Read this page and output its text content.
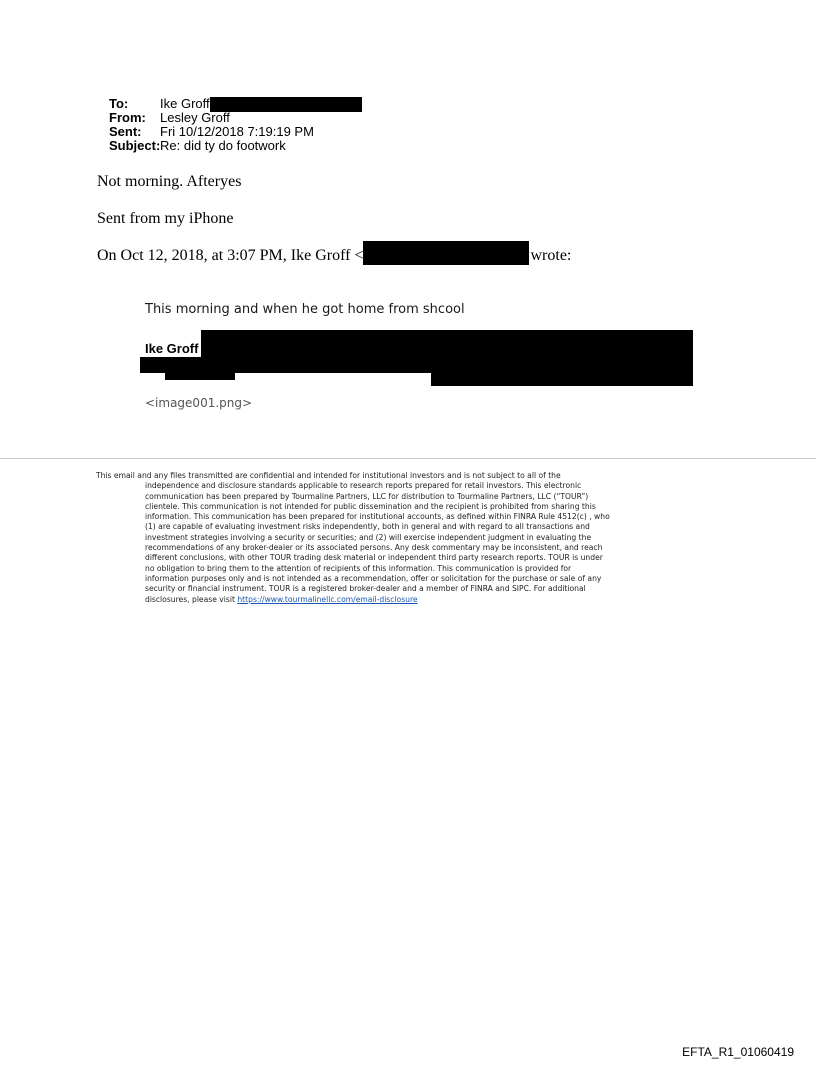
To:	Ike Groff
From:	Lesley Groff
Sent:	Fri 10/12/2018 7:19:19 PM
Subject: Re: did ty do footwork
Not morning. Afteryes
Sent from my iPhone
On Oct 12, 2018, at 3:07 PM, Ike Groff <	wrote:
This morning and when he got home from shcool
Ike Groff
<image001.png>
This email and any files transmitted are confidential and intended for institutional investors and is not subject to all of the
independence and disclosure standards applicable to research reports prepared for retail investors. This electronic
communication has been prepared by Tourmaline Partners, LLC for distribution to Tourmaline Partners, LLC (“TOUR”)
clientele. This communication is not intended for public dissemination and the recipient is prohibited from sharing this
information. This communication has been prepared for institutional accounts, as defined within FINRA Rule 4512(c) , who
(1) are capable of evaluating investment risks independently, both in general and with regard to all transactions and
investment strategies involving a security or securities; and (2) will exercise independent judgment in evaluating the
recommendations of any broker-dealer or its associated persons. Any desk commentary may be inconsistent, and reach
different conclusions, with other TOUR trading desk material or independent third party research reports. TOUR is under
no obligation to bring them to the attention of recipients of this information. This communication is provided for
information purposes only and is not intended as a recommendation, offer or solicitation for the purchase or sale of any
security or financial instrument. TOUR is a registered broker-dealer and a member of FINRA and SIPC. For additional
disclosures, please visit https://www.tourmalinellc.com/email-disclosure
EFTA_R1_01060419
